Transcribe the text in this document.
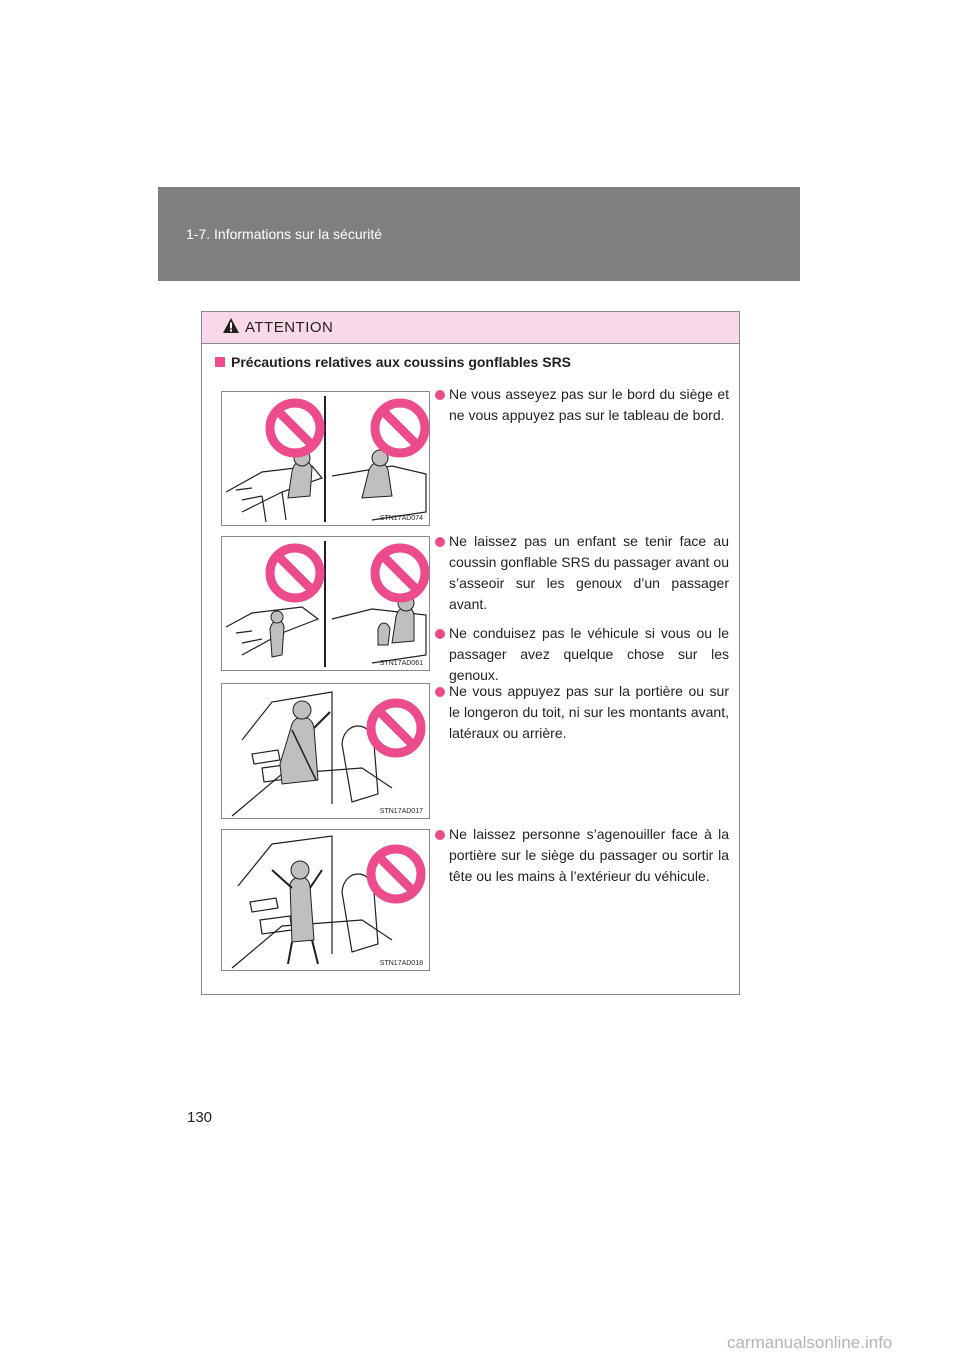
1-7. Informations sur la sécurité
ATTENTION
Précautions relatives aux coussins gonflables SRS
STN17AD074
STN17AD061
STN17AD017
STN17AD018
Ne vous asseyez pas sur le bord du siège et ne vous appuyez pas sur le tableau de bord.
Ne laissez pas un enfant se tenir face au coussin gonflable SRS du passager avant ou s’asseoir sur les genoux d’un passager avant.
Ne conduisez pas le véhicule si vous ou le passager avez quelque chose sur les genoux.
Ne vous appuyez pas sur la portière ou sur le longeron du toit, ni sur les montants avant, latéraux ou arrière.
Ne laissez personne s’agenouiller face à la portière sur le siège du passager ou sortir la tête ou les mains à l’extérieur du véhicule.
130
carmanualsonline.info
